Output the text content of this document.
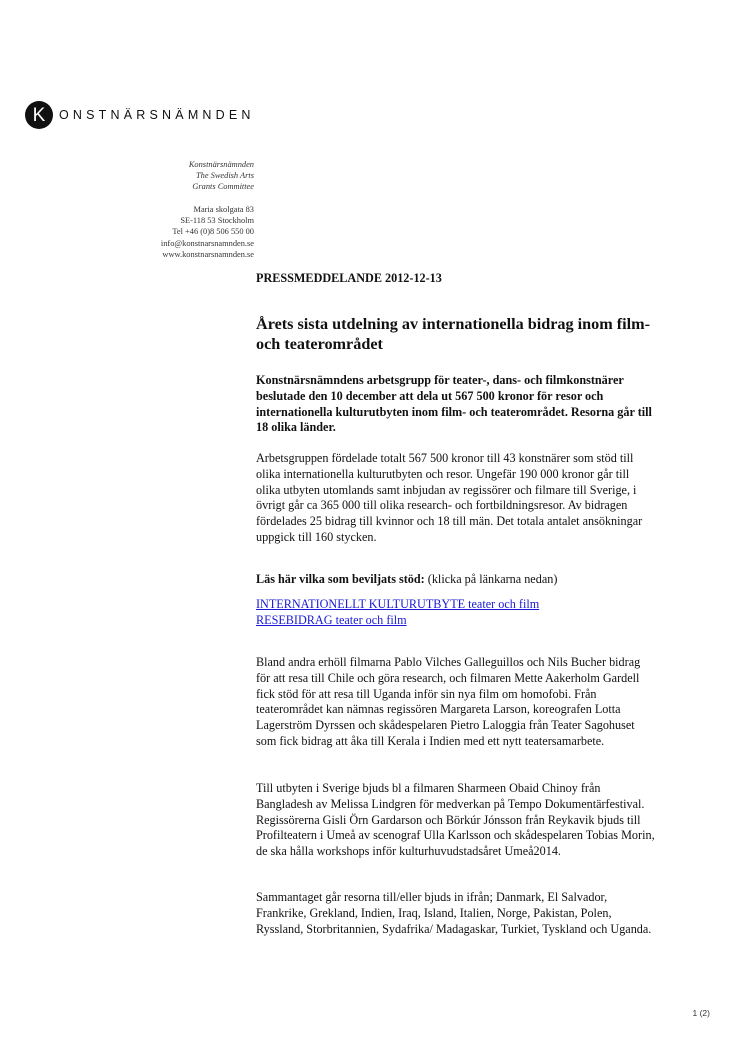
K	ONSTNÄRSNÄMNDEN
Konstnärsnämnden
The Swedish Arts
Grants Committee
Maria skolgata 83
SE-118 53 Stockholm
Tel +46 (0)8 506 550 00
info@konstnarsnamnden.se
www.konstnarsnamnden.se
PRESSMEDDELANDE 2012-12-13
Årets sista utdelning av internationella bidrag inom film- och teaterområdet

Konstnärsnämndens arbetsgrupp för teater-, dans- och filmkonstnärer beslutade den 10 december att dela ut 567 500 kronor för resor och internationella kulturutbyten inom film- och teaterområdet. Resorna går till 18 olika länder.

Arbetsgruppen fördelade totalt 567 500 kronor till 43 konstnärer som stöd till olika internationella kulturutbyten och resor. Ungefär 190 000 kronor går till olika utbyten utomlands samt inbjudan av regissörer och filmare till Sverige, i övrigt går ca 365 000 till olika research- och fortbildningsresor. Av bidragen fördelades 25 bidrag till kvinnor och 18 till män. Det totala antalet ansökningar uppgick till 160 stycken.

Läs här vilka som beviljats stöd: (klicka på länkarna nedan)

INTERNATIONELLT KULTURUTBYTE teater och film
RESEBIDRAG teater och film

Bland andra erhöll filmarna Pablo Vilches Galleguillos och Nils Bucher bidrag för att resa till Chile och göra research, och filmaren Mette Aakerholm Gardell fick stöd för att resa till Uganda inför sin nya film om homofobi. Från teaterområdet kan nämnas regissören Margareta Larson, koreografen Lotta Lagerström Dyrssen och skådespelaren Pietro Laloggia från Teater Sagohuset som fick bidrag att åka till Kerala i Indien med ett nytt teatersamarbete.

Till utbyten i Sverige bjuds bl a filmaren Sharmeen Obaid Chinoy från Bangladesh av Melissa Lindgren för medverkan på Tempo Dokumentärfestival. Regissörerna Gisli Örn Gardarson och Börkúr Jónsson från Reykavik bjuds till Profilteatern i Umeå av scenograf Ulla Karlsson och skådespelaren Tobias Morin, de ska hålla workshops inför kulturhuvudstadsåret Umeå2014.

Sammantaget går resorna till/eller bjuds in ifrån; Danmark, El Salvador, Frankrike, Grekland, Indien, Iraq, Island, Italien, Norge, Pakistan, Polen, Ryssland, Storbritannien, Sydafrika/ Madagaskar, Turkiet, Tyskland och Uganda.

1 (2)
